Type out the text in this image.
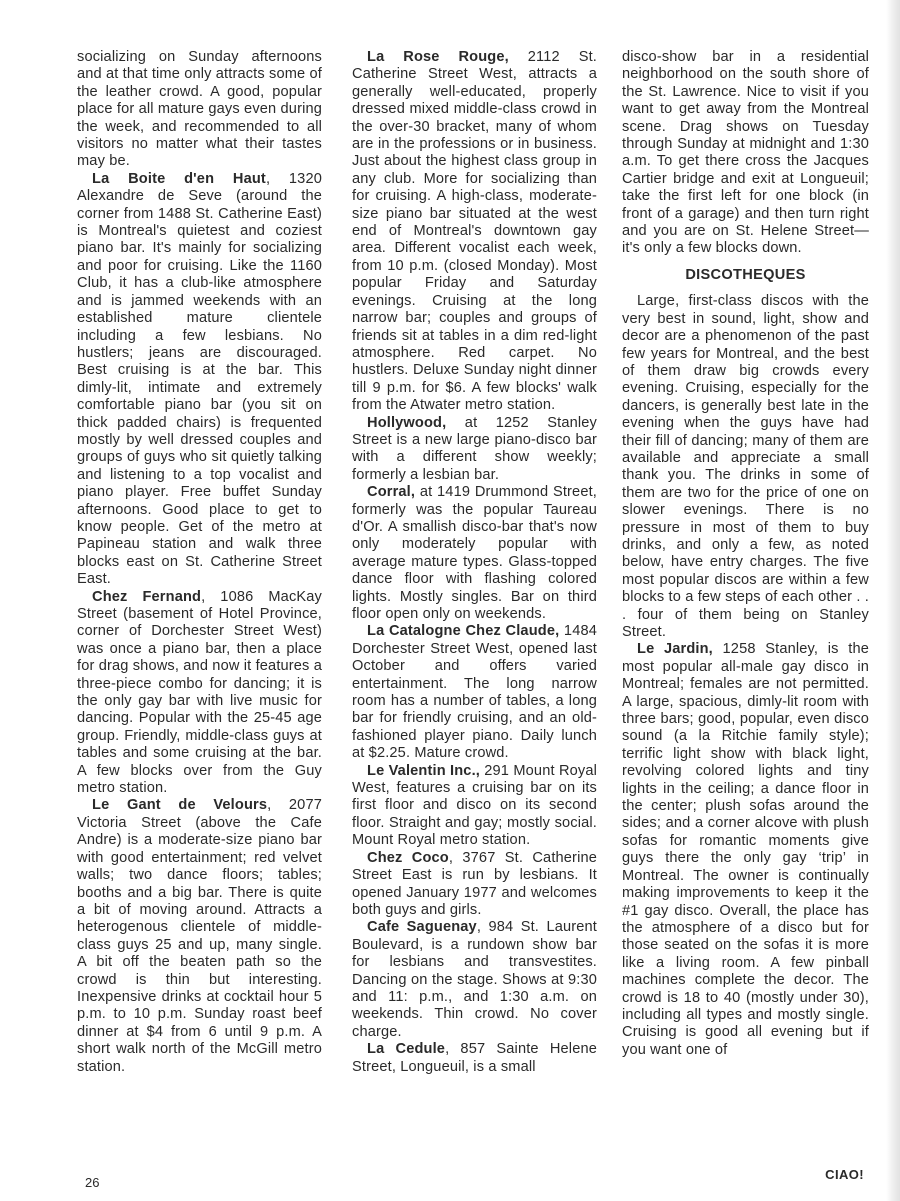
socializing on Sunday afternoons and at that time only attracts some of the leather crowd. A good, popular place for all mature gays even during the week, and recommended to all visitors no matter what their tastes may be.

La Boite d'en Haut, 1320 Alexandre de Seve (around the corner from 1488 St. Catherine East) is Montreal's quietest and coziest piano bar. It's mainly for socializing and poor for cruising. Like the 1160 Club, it has a club-like atmosphere and is jammed weekends with an established mature clientele including a few lesbians. No hustlers; jeans are discouraged. Best cruising is at the bar. This dimly-lit, intimate and extremely comfortable piano bar (you sit on thick padded chairs) is frequented mostly by well dressed couples and groups of guys who sit quietly talking and listening to a top vocalist and piano player. Free buffet Sunday afternoons. Good place to get to know people. Get of the metro at Papineau station and walk three blocks east on St. Catherine Street East.

Chez Fernand, 1086 MacKay Street (basement of Hotel Province, corner of Dorchester Street West) was once a piano bar, then a place for drag shows, and now it features a three-piece combo for dancing; it is the only gay bar with live music for dancing. Popular with the 25-45 age group. Friendly, middle-class guys at tables and some cruising at the bar. A few blocks over from the Guy metro station.

Le Gant de Velours, 2077 Victoria Street (above the Cafe Andre) is a moderate-size piano bar with good entertainment; red velvet walls; two dance floors; tables; booths and a big bar. There is quite a bit of moving around. Attracts a heterogenous clientele of middle-class guys 25 and up, many single. A bit off the beaten path so the crowd is thin but interesting. Inexpensive drinks at cocktail hour 5 p.m. to 10 p.m. Sunday roast beef dinner at $4 from 6 until 9 p.m. A short walk north of the McGill metro station.

La Rose Rouge, 2112 St. Catherine Street West, attracts a generally well-educated, properly dressed mixed middle-class crowd in the over-30 bracket, many of whom are in the professions or in business. Just about the highest class group in any club. More for socializing than for cruising. A high-class, moderate-size piano bar situated at the west end of Montreal's downtown gay area. Different vocalist each week, from 10 p.m. (closed Monday). Most popular Friday and Saturday evenings. Cruising at the long narrow bar; couples and groups of friends sit at tables in a dim red-light atmosphere. Red carpet. No hustlers. Deluxe Sunday night dinner till 9 p.m. for $6. A few blocks' walk from the Atwater metro station.

Hollywood, at 1252 Stanley Street is a new large piano-disco bar with a different show weekly; formerly a lesbian bar.

Corral, at 1419 Drummond Street, formerly was the popular Taureau d'Or. A smallish disco-bar that's now only moderately popular with average mature types. Glass-topped dance floor with flashing colored lights. Mostly singles. Bar on third floor open only on weekends.

La Catalogne Chez Claude, 1484 Dorchester Street West, opened last October and offers varied entertainment. The long narrow room has a number of tables, a long bar for friendly cruising, and an old-fashioned player piano. Daily lunch at $2.25. Mature crowd.

Le Valentin Inc., 291 Mount Royal West, features a cruising bar on its first floor and disco on its second floor. Straight and gay; mostly social. Mount Royal metro station.

Chez Coco, 3767 St. Catherine Street East is run by lesbians. It opened January 1977 and welcomes both guys and girls.

Cafe Saguenay, 984 St. Laurent Boulevard, is a rundown show bar for lesbians and transvestites. Dancing on the stage. Shows at 9:30 and 11: p.m., and 1:30 a.m. on weekends. Thin crowd. No cover charge.

La Cedule, 857 Sainte Helene Street, Longueuil, is a small

disco-show bar in a residential neighborhood on the south shore of the St. Lawrence. Nice to visit if you want to get away from the Montreal scene. Drag shows on Tuesday through Sunday at midnight and 1:30 a.m. To get there cross the Jacques Cartier bridge and exit at Longueuil; take the first left for one block (in front of a garage) and then turn right and you are on St. Helene Street—it's only a few blocks down.

DISCOTHEQUES

Large, first-class discos with the very best in sound, light, show and decor are a phenomenon of the past few years for Montreal, and the best of them draw big crowds every evening. Cruising, especially for the dancers, is generally best late in the evening when the guys have had their fill of dancing; many of them are available and appreciate a small thank you. The drinks in some of them are two for the price of one on slower evenings. There is no pressure in most of them to buy drinks, and only a few, as noted below, have entry charges. The five most popular discos are within a few blocks to a few steps of each other . . . four of them being on Stanley Street.

Le Jardin, 1258 Stanley, is the most popular all-male gay disco in Montreal; females are not permitted. A large, spacious, dimly-lit room with three bars; good, popular, even disco sound (a la Ritchie family style); terrific light show with black light, revolving colored lights and tiny lights in the ceiling; a dance floor in the center; plush sofas around the sides; and a corner alcove with plush sofas for romantic moments give guys there the only gay ‘trip’ in Montreal. The owner is continually making improvements to keep it the #1 gay disco. Overall, the place has the atmosphere of a disco but for those seated on the sofas it is more like a living room. A few pinball machines complete the decor. The crowd is 18 to 40 (mostly under 30), including all types and mostly single. Cruising is good all evening but if you want one of

26
CIAO!
